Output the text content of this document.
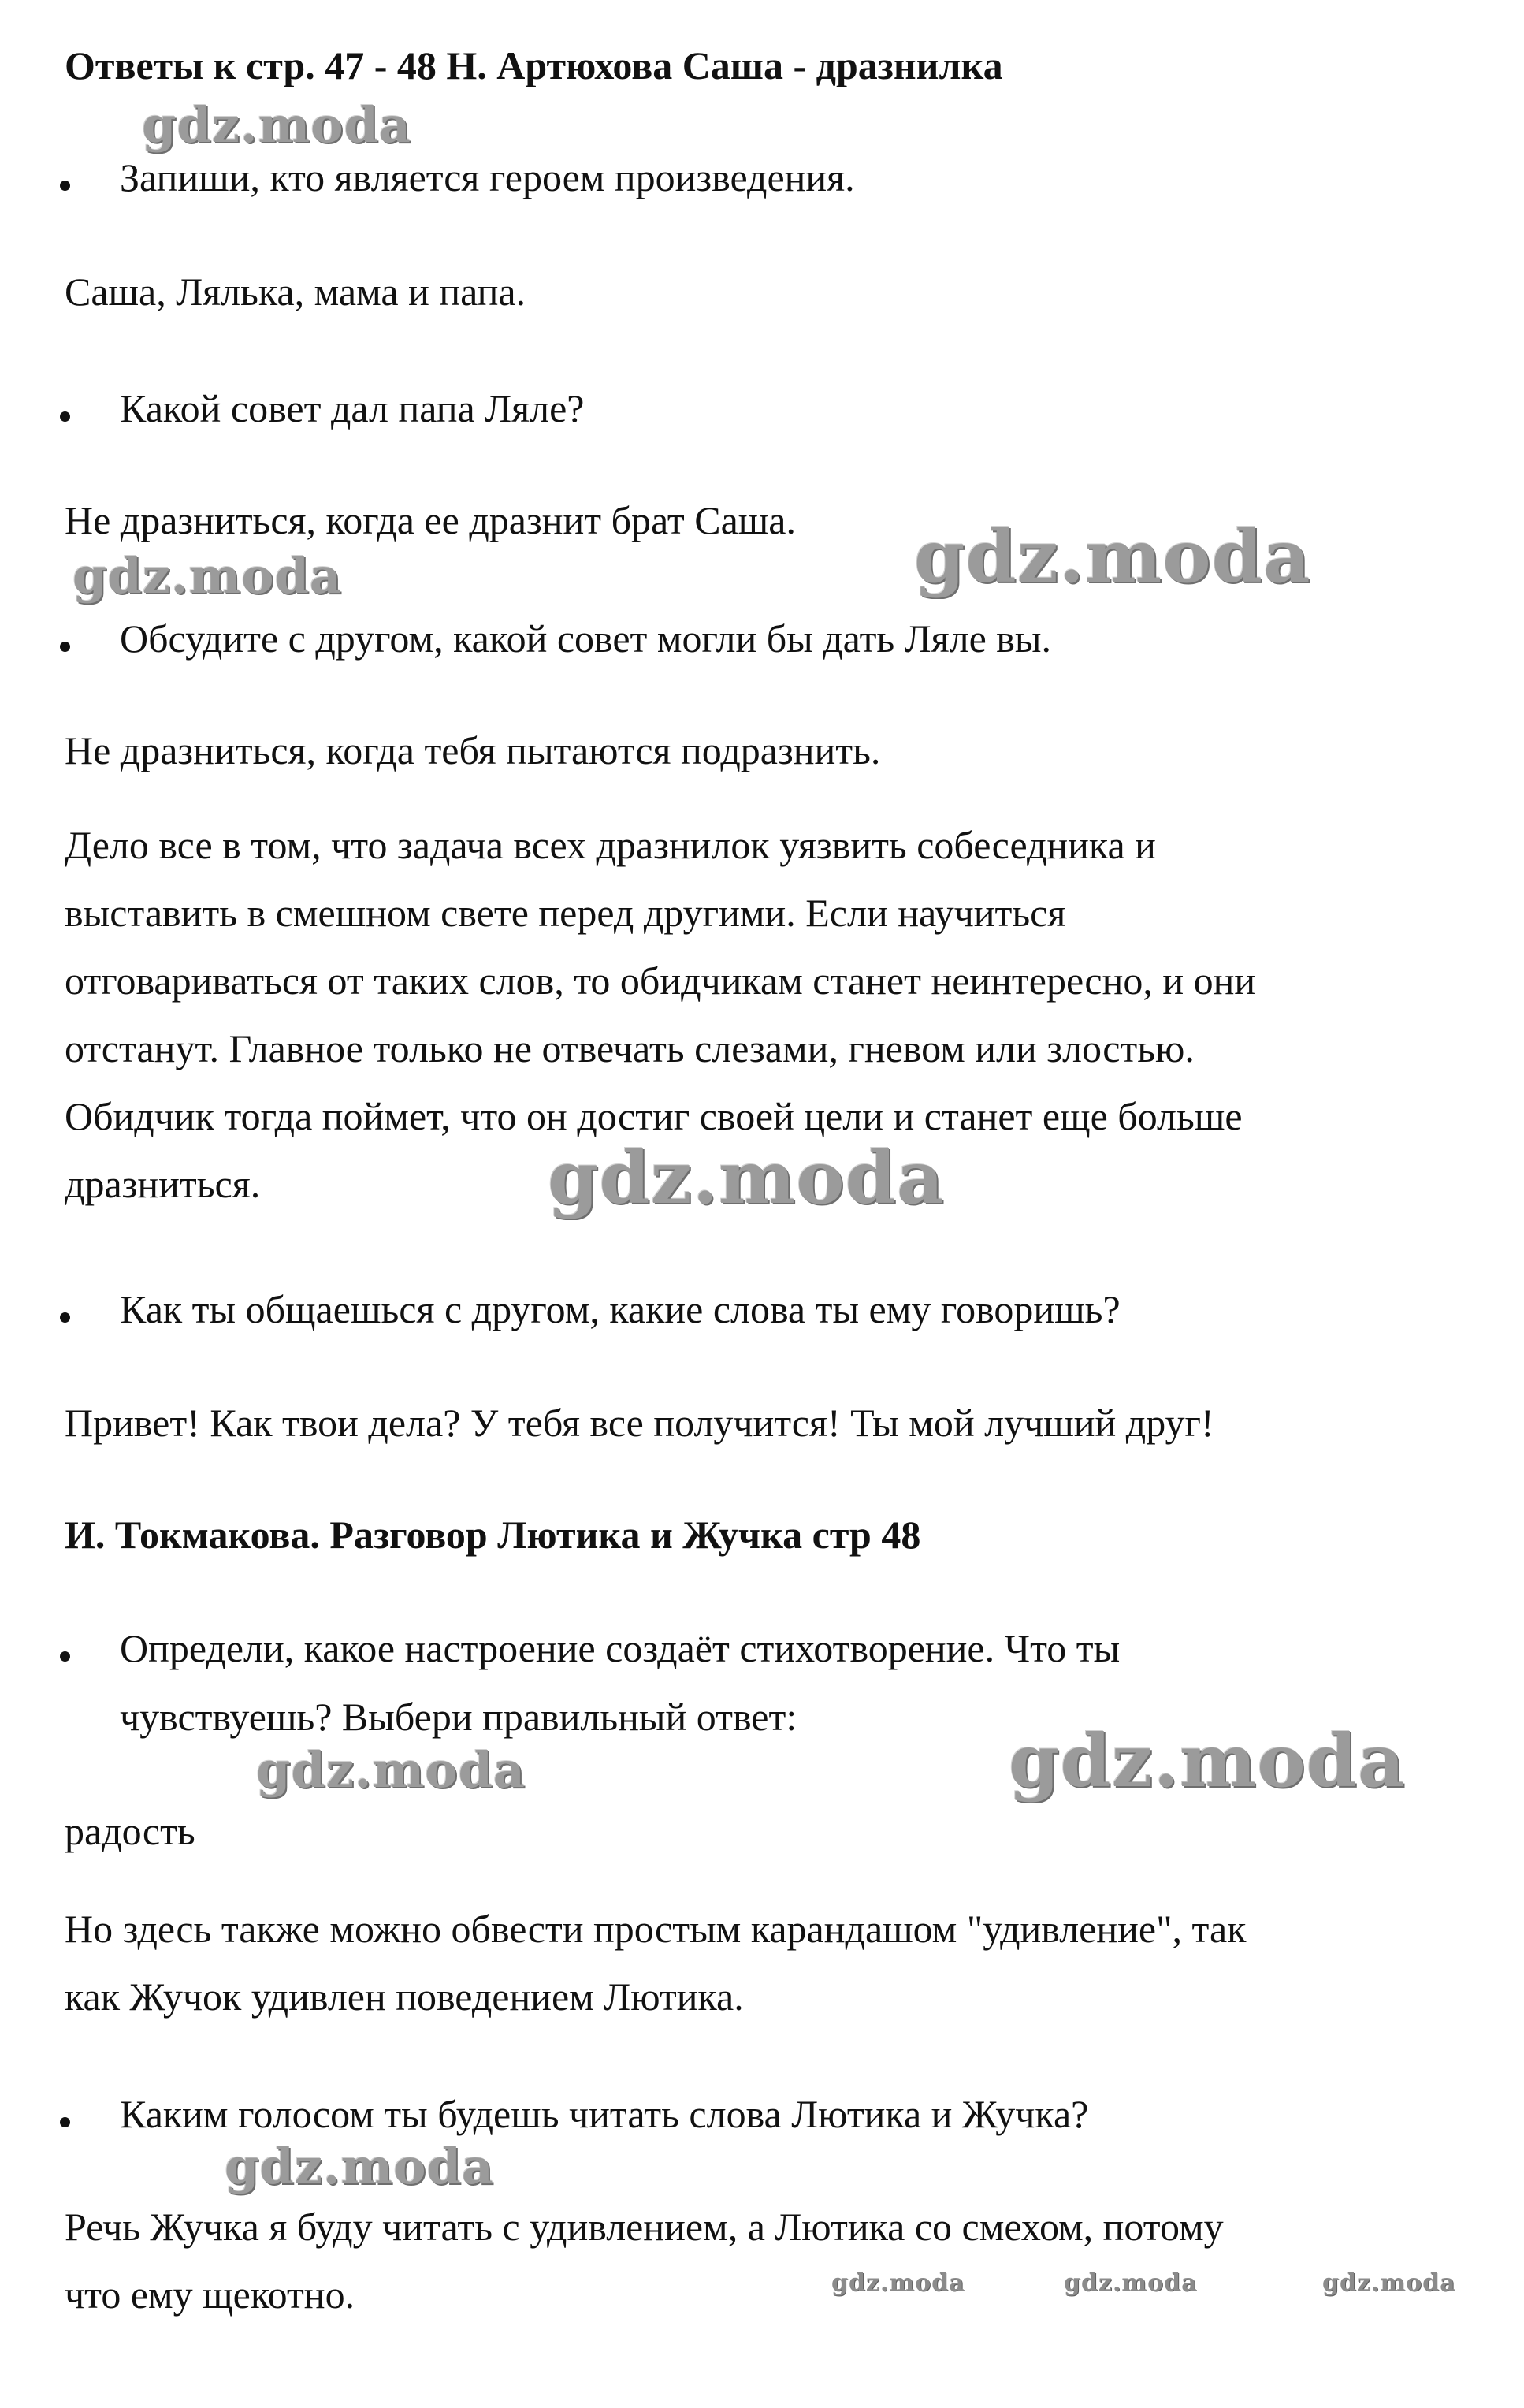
Ответы к стр. 47 - 48 Н. Артюхова Саша - дразнилка

Запиши, кто является героем произведения.

Саша, Лялька, мама и папа.

Какой совет дал папа Ляле?

Не дразниться, когда ее дразнит брат Саша.

Обсудите с другом, какой совет могли бы дать Ляле вы.

Не дразниться, когда тебя пытаются подразнить.

Дело все в том, что задача всех дразнилок уязвить собеседника и

выставить в смешном свете перед другими. Если научиться

отговариваться от таких слов, то обидчикам станет неинтересно, и они

отстанут. Главное только не отвечать слезами, гневом или злостью.

Обидчик тогда поймет, что он достиг своей цели и станет еще больше

дразниться.

Как ты общаешься с другом, какие слова ты ему говоришь?

Привет! Как твои дела? У тебя все получится! Ты мой лучший друг!

И. Токмакова. Разговор Лютика и Жучка стр 48

Определи, какое настроение создаёт стихотворение. Что ты

чувствуешь? Выбери правильный ответ:

радость

Но здесь также можно обвести простым карандашом "удивление", так

как Жучок удивлен поведением Лютика.

Каким голосом ты будешь читать слова Лютика и Жучка?

Речь Жучка я буду читать с удивлением, а Лютика со смехом, потому

что ему щекотно.

gdz.moda
gdz.moda	gdz.moda
gdz.moda
gdz.moda
gdz.moda
gdz.moda
gdz.moda	gdz.moda	gdz.moda
